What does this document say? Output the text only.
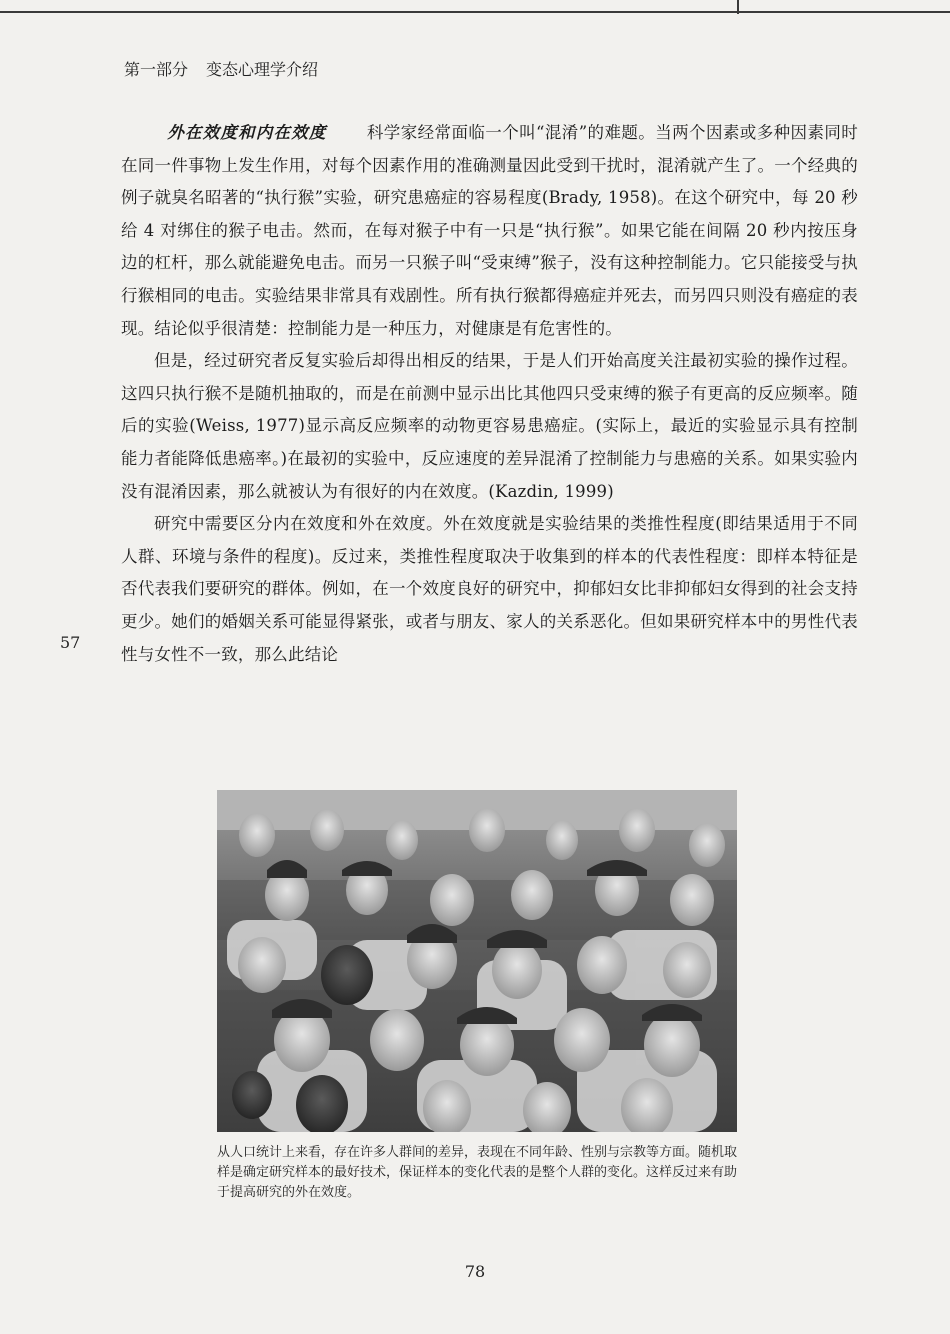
第一部分 变态心理学介绍

外在效度和内在效度 科学家经常面临一个叫“混淆”的难题。当两个因素或多种因素同时在同一件事物上发生作用，对每个因素作用的准确测量因此受到干扰时，混淆就产生了。一个经典的例子就臭名昭著的“执行猴”实验，研究患癌症的容易程度(Brady, 1958)。在这个研究中，每 20 秒给 4 对绑住的猴子电击。然而，在每对猴子中有一只是“执行猴”。如果它能在间隔 20 秒内按压身边的杠杆，那么就能避免电击。而另一只猴子叫“受束缚”猴子，没有这种控制能力。它只能接受与执行猴相同的电击。实验结果非常具有戏剧性。所有执行猴都得癌症并死去，而另四只则没有癌症的表现。结论似乎很清楚：控制能力是一种压力，对健康是有危害性的。

但是，经过研究者反复实验后却得出相反的结果，于是人们开始高度关注最初实验的操作过程。这四只执行猴不是随机抽取的，而是在前测中显示出比其他四只受束缚的猴子有更高的反应频率。随后的实验(Weiss, 1977)显示高反应频率的动物更容易患癌症。(实际上，最近的实验显示具有控制能力者能降低患癌率。)在最初的实验中，反应速度的差异混淆了控制能力与患癌的关系。如果实验内没有混淆因素，那么就被认为有很好的内在效度。(Kazdin, 1999)

研究中需要区分内在效度和外在效度。外在效度就是实验结果的类推性程度(即结果适用于不同人群、环境与条件的程度)。反过来，类推性程度取决于收集到的样本的代表性程度：即样本特征是否代表我们要研究的群体。例如，在一个效度良好的研究中，抑郁妇女比非抑郁妇女得到的社会支持更少。她们的婚姻关系可能显得紧张，或者与朋友、家人的关系恶化。但如果研究样本中的男性代表性与女性不一致，那么此结论

57
从人口统计上来看，存在许多人群间的差异，表现在不同年龄、性别与宗教等方面。随机取样是确定研究样本的最好技术，保证样本的变化代表的是整个人群的变化。这样反过来有助于提高研究的外在效度。
78
